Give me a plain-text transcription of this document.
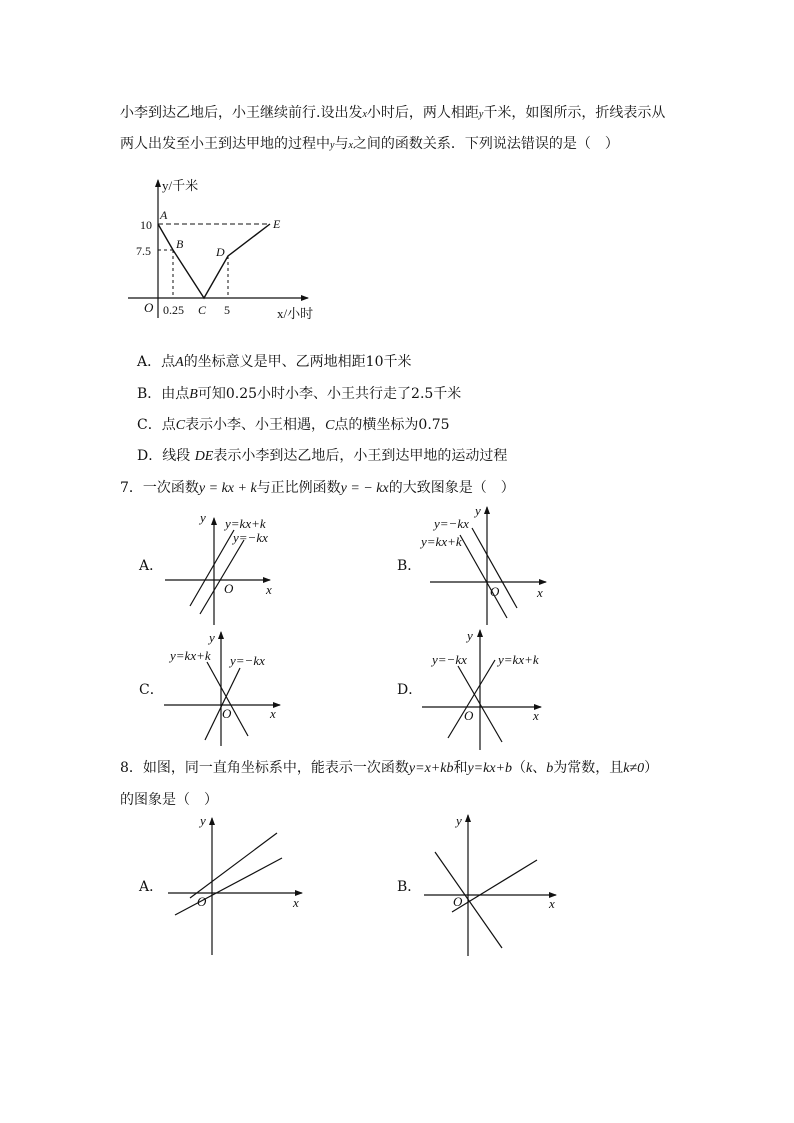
小李到达乙地后，小王继续前行.设出发x小时后，两人相距y千米，如图所示，折线表示从
两人出发至小王到达甲地的过程中y与x之间的函数关系．下列说法错误的是（　）
y/千米
x/小时
O
10
7.5
0.25 C 5
A
B
D
E
y
x
O
y=kx+k
y=−kx
y
x
O
y=−kx
y=kx+k
y
x
O
y=kx+k y=−kx
y
x
O
y=−kx y=kx+k
y
x
O
y
x
O
A．点A的坐标意义是甲、乙两地相距10千米
B．由点B可知0.25小时小李、小王共行走了2.5千米
C．点C表示小李、小王相遇，C点的横坐标为0.75
D．线段 DE表示小李到达乙地后，小王到达甲地的运动过程
7．一次函数y = kx + k与正比例函数y = − kx的大致图象是（　）
A．	B．
C．	D．
8．如图，同一直角坐标系中，能表示一次函数y=x+kb和y=kx+b（k、b为常数，且k≠0）
的图象是（　）
A．	B．
